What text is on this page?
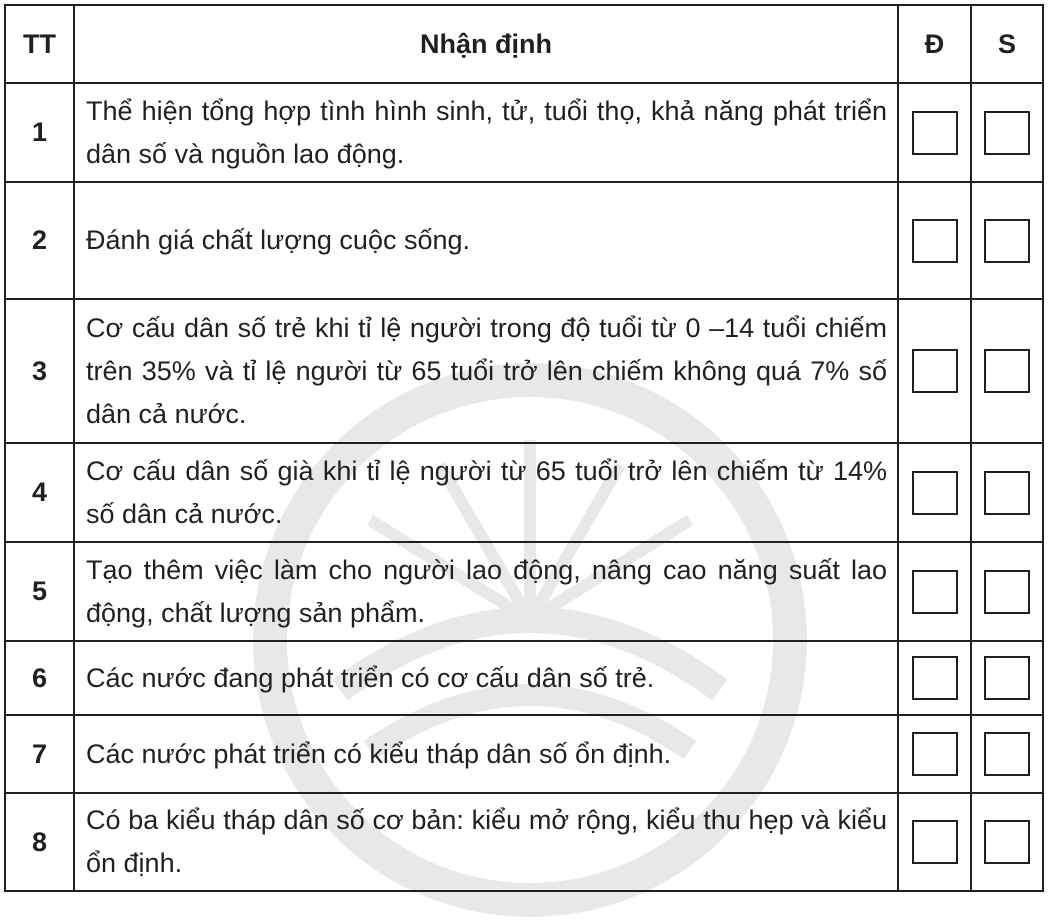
TT	Nhận định	Đ	S
1	Thể hiện tổng hợp tình hình sinh, tử, tuổi thọ, khả năng phát triển dân số và nguồn lao động.		
2	Đánh giá chất lượng cuộc sống.		
3	Cơ cấu dân số trẻ khi tỉ lệ người trong độ tuổi từ 0 –14 tuổi chiếm trên 35% và tỉ lệ người từ 65 tuổi trở lên chiếm không quá 7% số dân cả nước.		
4	Cơ cấu dân số già khi tỉ lệ người từ 65 tuổi trở lên chiếm từ 14% số dân cả nước.		
5	Tạo thêm việc làm cho người lao động, nâng cao năng suất lao động, chất lượng sản phẩm.		
6	Các nước đang phát triển có cơ cấu dân số trẻ.		
7	Các nước phát triển có kiểu tháp dân số ổn định.		
8	Có ba kiểu tháp dân số cơ bản: kiểu mở rộng, kiểu thu hẹp và kiểu ổn định.		
